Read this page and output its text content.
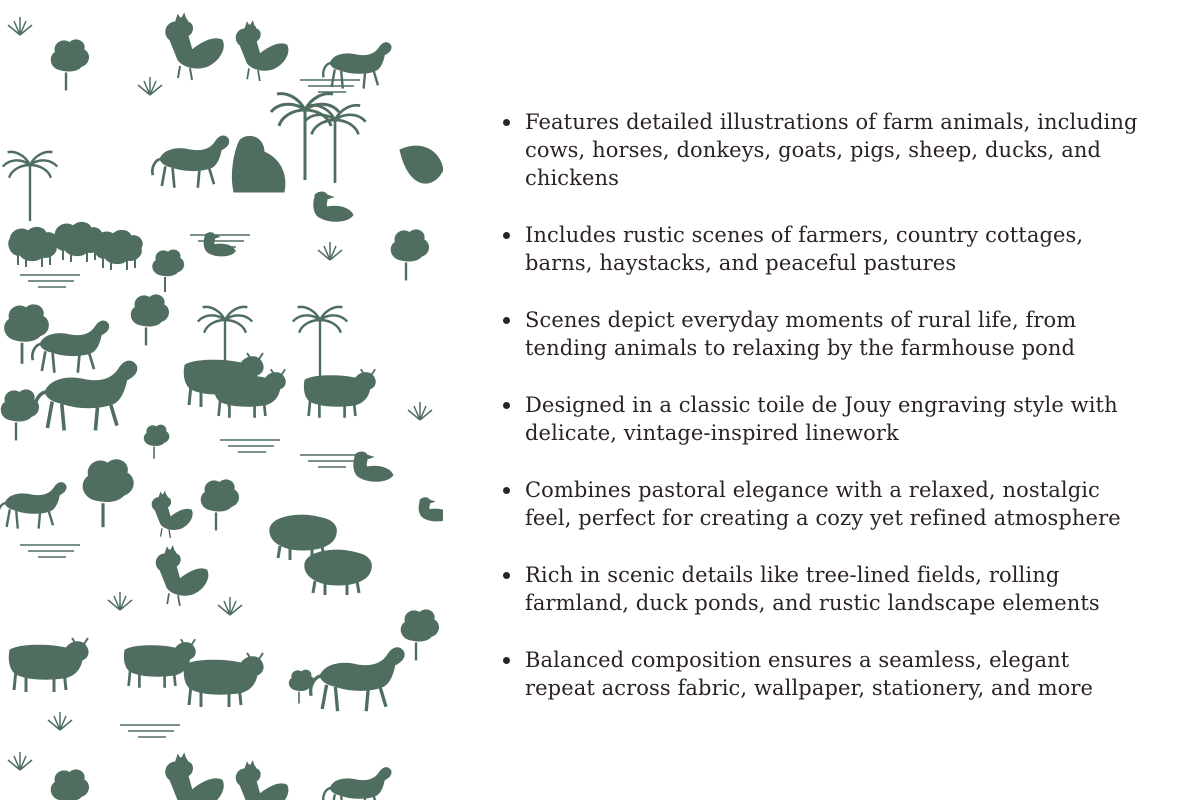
Features detailed illustrations of farm animals, including cows, horses, donkeys, goats, pigs, sheep, ducks, and chickens
Includes rustic scenes of farmers, country cottages, barns, haystacks, and peaceful pastures
Scenes depict everyday moments of rural life, from tending animals to relaxing by the farmhouse pond
Designed in a classic toile de Jouy engraving style with delicate, vintage-inspired linework
Combines pastoral elegance with a relaxed, nostalgic feel, perfect for creating a cozy yet refined atmosphere
Rich in scenic details like tree-lined fields, rolling farmland, duck ponds, and rustic landscape elements
Balanced composition ensures a seamless, elegant repeat across fabric, wallpaper, stationery, and more
